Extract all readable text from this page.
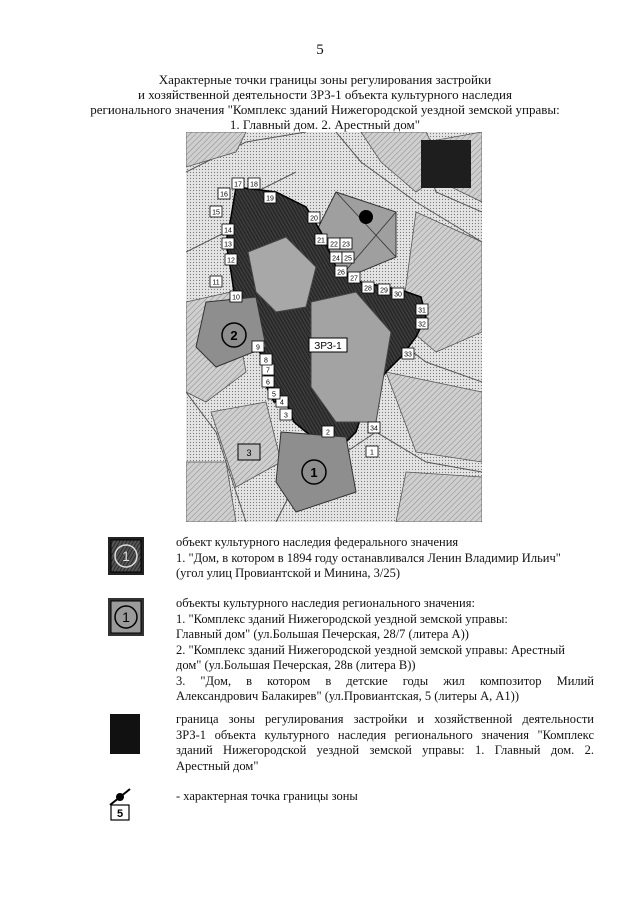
5
Характерные точки границы зоны регулирования застройки
и хозяйственной деятельности ЗРЗ-1 объекта культурного наследия
регионального значения "Комплекс зданий Нижегородской уездной земской управы:
1. Главный дом. 2. Арестный дом"
2
1
3
ЗРЗ-1
1
2
3
4
5
6
7
8
9
10
11
12
13
14
15
16
17 18
19
20
21
22 23
24 25
26
27
28 29
30
31
32
33
34
1
объект культурного наследия федерального значения
1. "Дом, в котором в 1894 году останавливался Ленин Владимир Ильич"
(угол улиц Провиантской и Минина, 3/25)
1
объекты культурного наследия регионального значения:
1. "Комплекс зданий Нижегородской уездной земской управы:
Главный дом" (ул.Большая Печерская, 28/7 (литера А))
2. "Комплекс зданий Нижегородской уездной земской управы: Арестный
дом" (ул.Большая Печерская, 28в (литера В))
3. "Дом, в котором в детские годы жил композитор Милий
Александрович Балакирев" (ул.Провиантская, 5 (литеры А, А1))
граница зоны регулирования застройки и хозяйственной деятельности
ЗРЗ-1 объекта культурного наследия регионального значения "Комплекс
зданий Нижегородской уездной земской управы: 1. Главный дом. 2.
Арестный дом"
5
- характерная точка границы зоны
